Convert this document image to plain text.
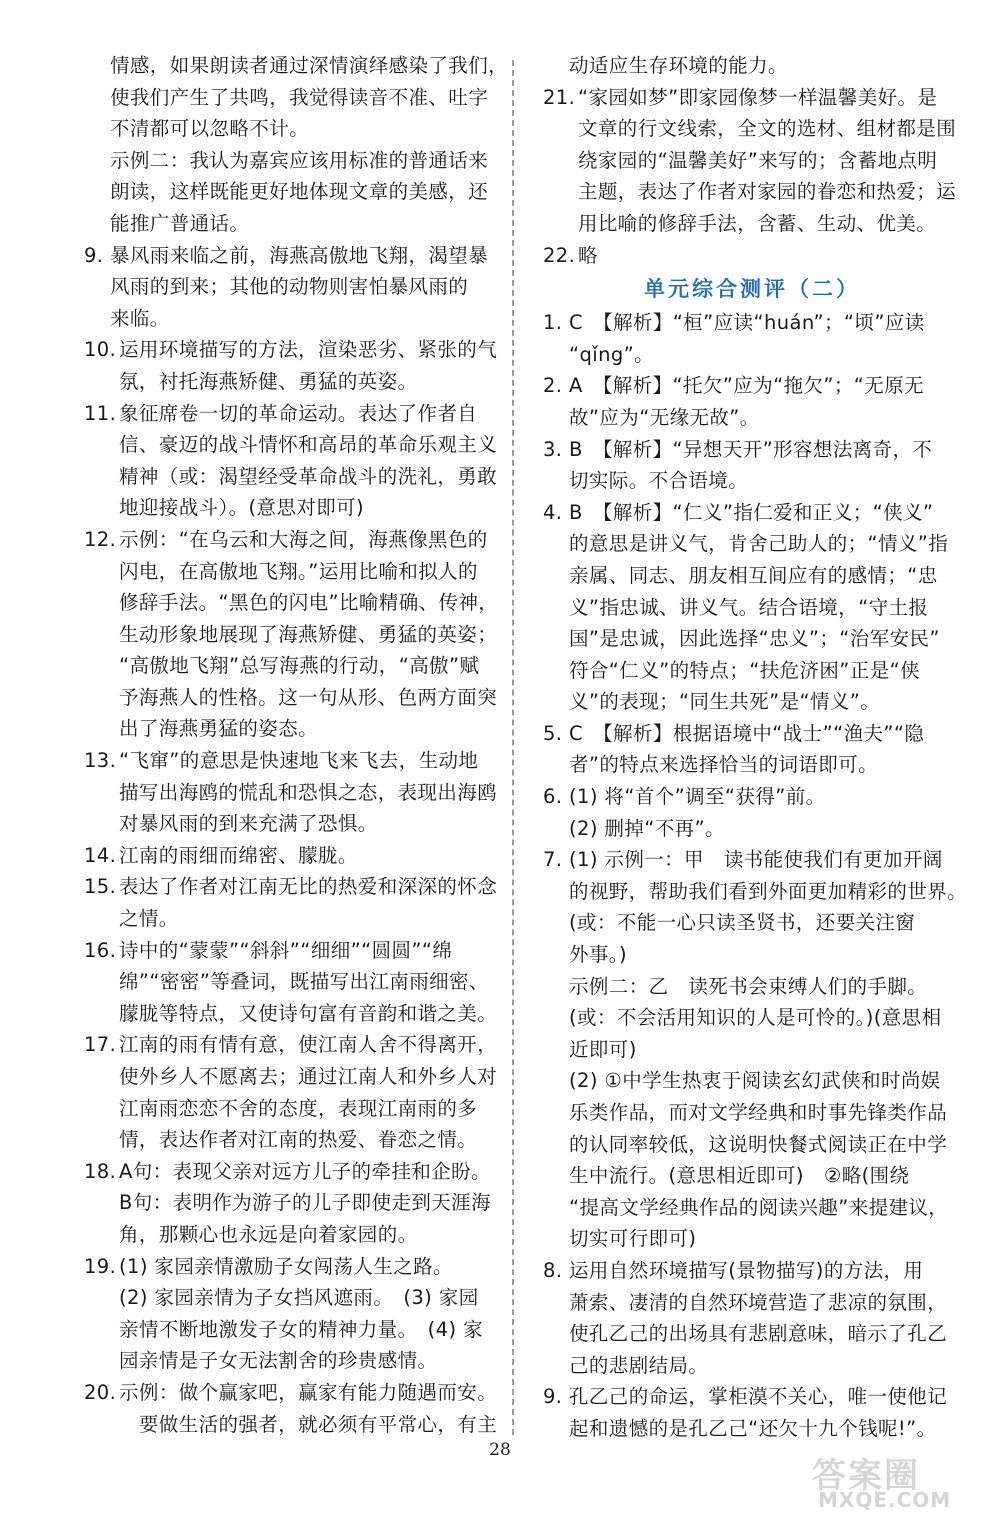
情感，如果朗读者通过深情演绎感染了我们，
使我们产生了共鸣，我觉得读音不准、吐字
不清都可以忽略不计。
示例二：我认为嘉宾应该用标准的普通话来
朗读，这样既能更好地体现文章的美感，还
能推广普通话。
9. 暴风雨来临之前，海燕高傲地飞翔，渴望暴
风雨的到来；其他的动物则害怕暴风雨的
来临。
10. 运用环境描写的方法，渲染恶劣、紧张的气
氛，衬托海燕矫健、勇猛的英姿。
11. 象征席卷一切的革命运动。表达了作者自
信、豪迈的战斗情怀和高昂的革命乐观主义
精神（或：渴望经受革命战斗的洗礼，勇敢
地迎接战斗）。(意思对即可)
12. 示例：“在乌云和大海之间，海燕像黑色的
闪电，在高傲地飞翔。”运用比喻和拟人的
修辞手法。“黑色的闪电”比喻精确、传神，
生动形象地展现了海燕矫健、勇猛的英姿；
“高傲地飞翔”总写海燕的行动，“高傲”赋
予海燕人的性格。这一句从形、色两方面突
出了海燕勇猛的姿态。
13. “飞窜”的意思是快速地飞来飞去，生动地
描写出海鸥的慌乱和恐惧之态，表现出海鸥
对暴风雨的到来充满了恐惧。
14. 江南的雨细而绵密、朦胧。
15. 表达了作者对江南无比的热爱和深深的怀念
之情。
16. 诗中的“蒙蒙”“斜斜”“细细”“圆圆”“绵
绵”“密密”等叠词，既描写出江南雨细密、
朦胧等特点，又使诗句富有音韵和谐之美。
17. 江南的雨有情有意，使江南人舍不得离开，
使外乡人不愿离去；通过江南人和外乡人对
江南雨恋恋不舍的态度，表现江南雨的多
情，表达作者对江南的热爱、眷恋之情。
18. A句：表现父亲对远方儿子的牵挂和企盼。
B句：表明作为游子的儿子即使走到天涯海
角，那颗心也永远是向着家园的。
19. (1) 家园亲情激励子女闯荡人生之路。
(2) 家园亲情为子女挡风遮雨。　(3) 家园
亲情不断地激发子女的精神力量。　(4) 家
园亲情是子女无法割舍的珍贵感情。
20. 示例：做个赢家吧，赢家有能力随遇而安。
　要做生活的强者，就必须有平常心，有主
动适应生存环境的能力。
21. “家园如梦”即家园像梦一样温馨美好。是
文章的行文线索，全文的选材、组材都是围
绕家园的“温馨美好”来写的；含蓄地点明
主题，表达了作者对家园的眷恋和热爱；运
用比喻的修辞手法，含蓄、生动、优美。
22. 略
单元综合测评（二）
1. C　【解析】“桓”应读“huán”；“顷”应读
“qǐng”。
2. A　【解析】“托欠”应为“拖欠”；“无原无
故”应为“无缘无故”。
3. B　【解析】“异想天开”形容想法离奇，不
切实际。不合语境。
4. B　【解析】“仁义”指仁爱和正义；“侠义”
的意思是讲义气，肯舍己助人的；“情义”指
亲属、同志、朋友相互间应有的感情；“忠
义”指忠诚、讲义气。结合语境，“守土报
国”是忠诚，因此选择“忠义”；“治军安民”
符合“仁义”的特点；“扶危济困”正是“侠
义”的表现；“同生共死”是“情义”。
5. C　【解析】根据语境中“战士”“渔夫”“隐
者”的特点来选择恰当的词语即可。
6. (1) 将“首个”调至“获得”前。
(2) 删掉“不再”。
7. (1) 示例一：甲　读书能使我们有更加开阔
的视野，帮助我们看到外面更加精彩的世界。
(或：不能一心只读圣贤书，还要关注窗
外事。)
示例二：乙　读死书会束缚人们的手脚。
(或：不会活用知识的人是可怜的。)(意思相
近即可)
(2) ①中学生热衷于阅读玄幻武侠和时尚娱
乐类作品，而对文学经典和时事先锋类作品
的认同率较低，这说明快餐式阅读正在中学
生中流行。(意思相近即可)　②略(围绕
“提高文学经典作品的阅读兴趣”来提建议，
切实可行即可)
8. 运用自然环境描写(景物描写)的方法，用
萧索、凄清的自然环境营造了悲凉的氛围，
使孔乙己的出场具有悲剧意味，暗示了孔乙
己的悲剧结局。
9. 孔乙己的命运，掌柜漠不关心，唯一使他记
起和遗憾的是孔乙己“还欠十九个钱呢!”。
28
答案圈
MXQE.COM
